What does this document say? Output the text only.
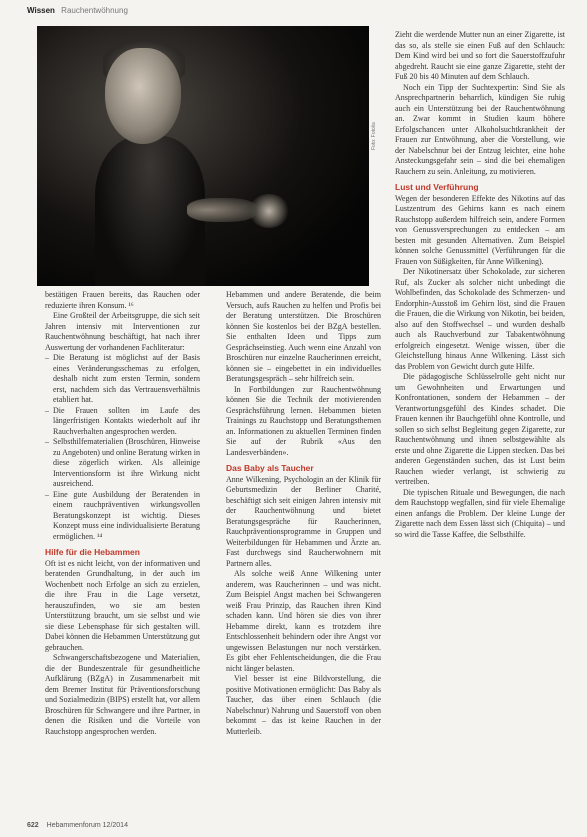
Wissen Rauchentwöhnung
Foto: Fotolia

bestätigen Frauen bereits, das Rauchen oder reduzierte ihren Konsum. ¹⁶

Eine Großteil der Arbeitsgruppe, die sich seit Jahren intensiv mit Interventionen zur Rauchentwöhnung beschäftigt, hat nach ihrer Auswertung der vorhandenen Fachliteratur:

– Die Beratung ist möglichst auf der Basis eines Veränderungsschemas zu erfolgen, deshalb nicht zum ersten Termin, sondern erst, nachdem sich das Vertrauensverhältnis etabliert hat.
– Die Frauen sollten im Laufe des längerfristigen Kontakts wiederholt auf ihr Rauchverhalten angesprochen werden.
– Selbsthilfematerialien (Broschüren, Hinweise zu Angeboten) und online Beratung wirken in diese zögerlich wirken. Als alleinige Interventionsform ist ihre Wirkung nicht ausreichend.
– Eine gute Ausbildung der Beratenden in einem rauchpräventiven wirkungsvollen Beratungskonzept ist wichtig. Dieses Konzept muss eine individualisierte Beratung ermöglichen. ¹⁴
Hilfe für die Hebammen

Oft ist es nicht leicht, von der informativen und beratenden Grundhaltung, in der auch im Wochenbett noch Erfolge an sich zu erzielen, die ihre Frau in die Lage versetzt, herauszufinden, wo sie am besten Unterstützung braucht, um sie selbst und wie sie diese Lebensphase für sich gestalten will. Dabei können die Hebammen Unterstützung gut gebrauchen.

Schwangerschaftsbezogene und Materialien, die der Bundeszentrale für gesundheitliche Aufklärung (BZgA) in Zusammenarbeit mit dem Bremer Institut für Präventionsforschung und Sozialmedizin (BIPS) erstellt hat, vor allem Broschüren für Schwangere und ihre Partner, in denen die Risiken und die Vorteile von Rauchstopp angesprochen werden.

Hebammen und andere Beratende, die beim Versuch, aufs Rauchen zu helfen und Profis bei der Beratung unterstützen. Die Broschüren können Sie kostenlos bei der BZgA bestellen. Sie enthalten Ideen und Tipps zum Gesprächseinstieg. Auch wenn eine Anzahl von Broschüren nur einzelne Raucherinnen erreicht, können sie – eingebettet in ein individuelles Beratungsgespräch – sehr hilfreich sein.

In Fortbildungen zur Rauchentwöhnung können Sie die Technik der motivierenden Gesprächsführung lernen. Hebammen bieten Trainings zu Rauchstopp und Beratungsthemen an. Informationen zu aktuellen Terminen finden Sie auf der Rubrik «Aus den Landesverbänden».

Das Baby als Taucher

Anne Wilkening, Psychologin an der Klinik für Geburtsmedizin der Berliner Charité, beschäftigt sich seit einigen Jahren intensiv mit der Rauchentwöhnung und bietet Beratungsgespräche für Raucherinnen, Rauchpräventionsprogramme in Gruppen und Weiterbildungen für Hebammen und Ärzte an. Fast durchwegs sind Raucherwohnern mit Partnern alles.

Als solche weiß Anne Wilkening unter anderem, was Raucherinnen – und was nicht. Zum Beispiel Angst machen bei Schwangeren weiß Frau Prinzip, das Rauchen ihren Kind schaden kann. Und hören sie dies von ihrer Hebamme direkt, kann es trotzdem ihre Entschlossenheit behindern oder ihre Angst vor ungewissen Belastungen nur noch verstärken. Es gibt eher Fehlentscheidungen, die die Frau nicht länger belasten.

Viel besser ist eine Bildvorstellung, die positive Motivationen ermöglicht: Das Baby als Taucher, das über einen Schlauch (die Nabelschnur) Nahrung und Sauerstoff von oben bekommt – das ist keine Rauchen in der Mutterleib.

Zieht die werdende Mutter nun an einer Zigarette, ist das so, als stelle sie einen Fuß auf den Schlauch: Dem Kind wird bei und so fort die Sauerstoffzufuhr abgedreht. Raucht sie eine ganze Zigarette, steht der Fuß 20 bis 40 Minuten auf dem Schlauch.

Noch ein Tipp der Suchtexpertin: Sind Sie als Ansprechpartnerin beharrlich, kündigen Sie ruhig auch ein Unterstützung bei der Rauchentwöhnung an. Zwar kommt in Studien kaum höhere Erfolgschancen unter Alkoholsuchtkrankheit der Frauen zur Entwöhnung, aber die Vorstellung, wie der Nabelschnur bei der Entzug leichter, eine hohe Ansteckungsgefahr sein – sind die bei ehemaligen Rauchern zu sein. Anleitung, zu motivieren.

Lust und Verführung

Wegen der besonderen Effekte des Nikotins auf das Lustzentrum des Gehirns kann es nach einem Rauchstopp außerdem hilfreich sein, andere Formen von Genussversprechungen zu entdecken – am besten mit gesunden Alternativen. Zum Beispiel können solche Genussmittel (Verführungen für die Frauen von Süßigkeiten, für Anne Wilkening).

Der Nikotinersatz über Schokolade, zur sicheren Ruf, als Zucker als solcher nicht unbedingt die Wohlbefinden, das Schokolade des Schmerzen- und Endorphin-Ausstoß im Gehirn löst, sind die Frauen die Frauen, die die Wirkung von Nikotin, bei beiden, also auf den Stoffwechsel – und wurden deshalb auch als Rauchverbund zur Tabakentwöhnung erfolgreich eingesetzt. Wenige wissen, über die Gleichstellung hinaus Anne Wilkening. Lässt sich das Problem von Gewicht durch gute Hilfe.

Die pädagogische Schlüsselrolle geht nicht nur um Gewohnheiten und Erwartungen und Konfrontationen, sondern der Hebammen – der Verantwortungsgefühl des Kindes schadet. Die Frauen kennen ihr Bauchgefühl ohne Kontrolle, und sollen so sich selbst Begleitung gegen Zigarette, zur Rauchentwöhnung und ihnen selbstgewählte als erste und ohne Zigarette die Lippen stecken. Das bei anderen Gegenständen suchen, das ist Lust beim Rauchen wieder verlangt, ist schwierig zu vertreiben.

Die typischen Rituale und Bewegungen, die nach dem Rauchstopp wegfallen, sind für viele Ehemalige einen anfangs die Problem. Der kleine Lunge der Zigarette nach dem Essen lässt sich (Chiquita) – und so wird die Tasse Kaffee, die Selbsthilfe.

622 Hebammenforum 12/2014
